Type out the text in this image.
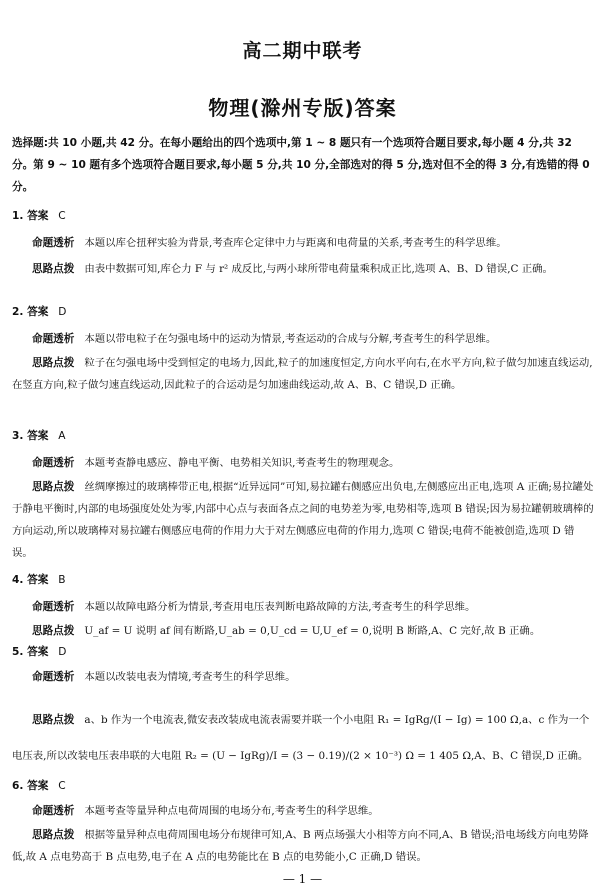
高二期中联考
物理(滁州专版)答案
选择题:共 10 小题,共 42 分。在每小题给出的四个选项中,第 1 ~ 8 题只有一个选项符合题目要求,每小题 4 分,共 32 分。第 9 ~ 10 题有多个选项符合题目要求,每小题 5 分,共 10 分,全部选对的得 5 分,选对但不全的得 3 分,有选错的得 0 分。
1. 答案 C
命题透析 本题以库仑扭秤实验为背景,考查库仑定律中力与距离和电荷量的关系,考查考生的科学思维。
思路点拨 由表中数据可知,库仑力 F 与 r² 成反比,与两小球所带电荷量乘积成正比,选项 A、B、D 错误,C 正确。
2. 答案 D
命题透析 本题以带电粒子在匀强电场中的运动为情景,考查运动的合成与分解,考查考生的科学思维。
思路点拨 粒子在匀强电场中受到恒定的电场力,因此,粒子的加速度恒定,方向水平向右,在水平方向,粒子做匀加速直线运动,在竖直方向,粒子做匀速直线运动,因此粒子的合运动是匀加速曲线运动,故 A、B、C 错误,D 正确。
3. 答案 A
命题透析 本题考查静电感应、静电平衡、电势相关知识,考查考生的物理观念。
思路点拨 丝绸摩擦过的玻璃棒带正电,根据“近异远同”可知,易拉罐右侧感应出负电,左侧感应出正电,选项 A 正确;易拉罐处于静电平衡时,内部的电场强度处处为零,内部中心点与表面各点之间的电势差为零,电势相等,选项 B 错误;因为易拉罐朝玻璃棒的方向运动,所以玻璃棒对易拉罐右侧感应电荷的作用力大于对左侧感应电荷的作用力,选项 C 错误;电荷不能被创造,选项 D 错误。
4. 答案 B
命题透析 本题以故障电路分析为情景,考查用电压表判断电路故障的方法,考查考生的科学思维。
思路点拨 U_af = U 说明 af 间有断路,U_ab = 0,U_cd = U,U_ef = 0,说明 B 断路,A、C 完好,故 B 正确。
5. 答案 D
命题透析 本题以改装电表为情境,考查考生的科学思维。
思路点拨 a、b 作为一个电流表,微安表改装成电流表需要并联一个小电阻 R₁ = IgRg/(I − Ig) = 100 Ω,a、c 作为一个电压表,所以改装电压表串联的大电阻 R₂ = (U − IgRg)/I = (3 − 0.19)/(2 × 10⁻³) Ω = 1 405 Ω,A、B、C 错误,D 正确。
6. 答案 C
命题透析 本题考查等量异种点电荷周围的电场分布,考查考生的科学思维。
思路点拨 根据等量异种点电荷周围电场分布规律可知,A、B 两点场强大小相等方向不同,A、B 错误;沿电场线方向电势降低,故 A 点电势高于 B 点电势,电子在 A 点的电势能比在 B 点的电势能小,C 正确,D 错误。
— 1 —
